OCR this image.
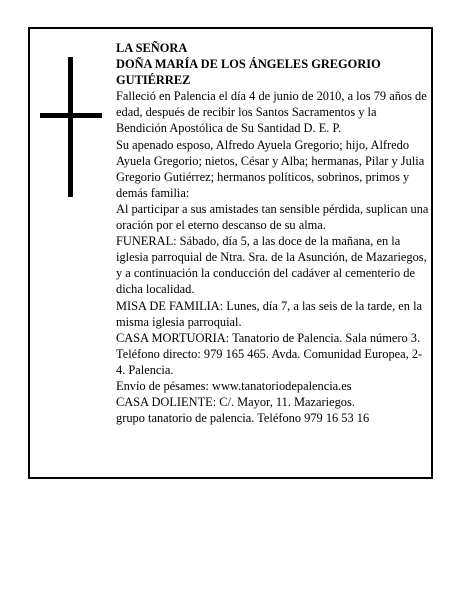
LA SEÑORA

DOÑA MARÍA DE LOS ÁNGELES GREGORIO GUTIÉRREZ

Falleció en Palencia el día 4 de junio de 2010, a los 79 años de edad, después de recibir los Santos Sacramentos y la Bendición Apostólica de Su Santidad D. E. P.

Su apenado esposo, Alfredo Ayuela Gregorio; hijo, Alfredo Ayuela Gregorio; nietos, César y Alba; hermanas, Pilar y Julia Gregorio Gutiérrez; hermanos políticos, sobrinos, primos y demás familia:

Al participar a sus amistades tan sensible pérdida, suplican una oración por el eterno descanso de su alma.

FUNERAL: Sábado, día 5, a las doce de la mañana, en la iglesia parroquial de Ntra. Sra. de la Asunción, de Mazariegos, y a continuación la conducción del cadáver al cementerio de dicha localidad.

MISA DE FAMILIA: Lunes, día 7, a las seis de la tarde, en la misma iglesia parroquial.

CASA MORTUORIA: Tanatorio de Palencia. Sala número 3. Teléfono directo: 979 165 465. Avda. Comunidad Europea, 2-4. Palencia.

Envío de pésames: www.tanatoriodepalencia.es

CASA DOLIENTE: C/. Mayor, 11. Mazariegos.

grupo tanatorio de palencia. Teléfono 979 16 53 16
